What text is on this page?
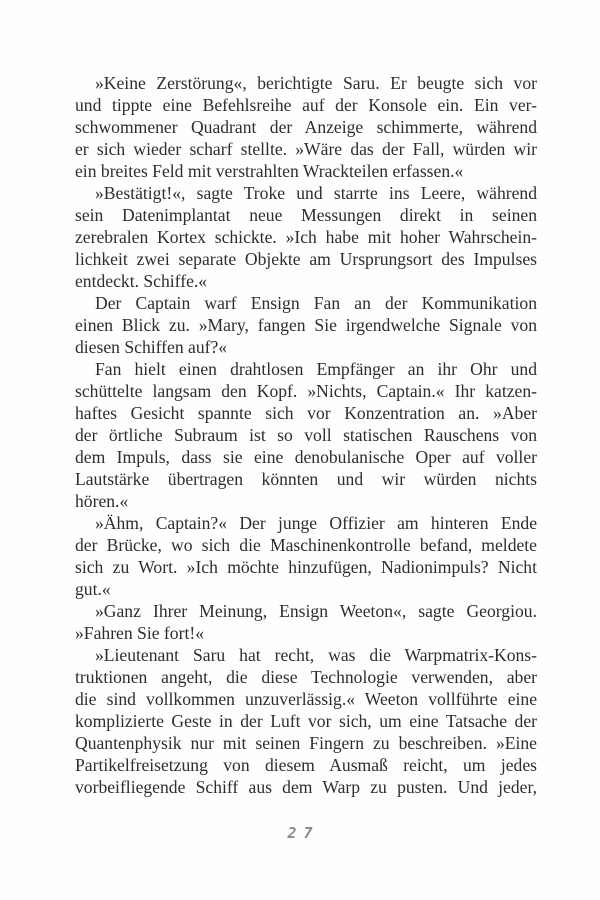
»Keine Zerstörung«, berichtigte Saru. Er beugte sich vor
und tippte eine Befehlsreihe auf der Konsole ein. Ein ver-
schwommener Quadrant der Anzeige schimmerte, während
er sich wieder scharf stellte. »Wäre das der Fall, würden wir
ein breites Feld mit verstrahlten Wrackteilen erfassen.«

»Bestätigt!«, sagte Troke und starrte ins Leere, während
sein Datenimplantat neue Messungen direkt in seinen
zerebralen Kortex schickte. »Ich habe mit hoher Wahrschein-
lichkeit zwei separate Objekte am Ursprungsort des Impulses
entdeckt. Schiffe.«

Der Captain warf Ensign Fan an der Kommunikation
einen Blick zu. »Mary, fangen Sie irgendwelche Signale von
diesen Schiffen auf?«

Fan hielt einen drahtlosen Empfänger an ihr Ohr und
schüttelte langsam den Kopf. »Nichts, Captain.« Ihr katzen-
haftes Gesicht spannte sich vor Konzentration an. »Aber
der örtliche Subraum ist so voll statischen Rauschens von
dem Impuls, dass sie eine denobulanische Oper auf voller
Lautstärke übertragen könnten und wir würden nichts
hören.«

»Ähm, Captain?« Der junge Offizier am hinteren Ende
der Brücke, wo sich die Maschinenkontrolle befand, meldete
sich zu Wort. »Ich möchte hinzufügen, Nadionimpuls? Nicht
gut.«

»Ganz Ihrer Meinung, Ensign Weeton«, sagte Georgiou.
»Fahren Sie fort!«

»Lieutenant Saru hat recht, was die Warpmatrix-Kons-
truktionen angeht, die diese Technologie verwenden, aber
die sind vollkommen unzuverlässig.« Weeton vollführte eine
komplizierte Geste in der Luft vor sich, um eine Tatsache der
Quantenphysik nur mit seinen Fingern zu beschreiben. »Eine
Partikelfreisetzung von diesem Ausmaß reicht, um jedes
vorbeifliegende Schiff aus dem Warp zu pusten. Und jeder,

27
